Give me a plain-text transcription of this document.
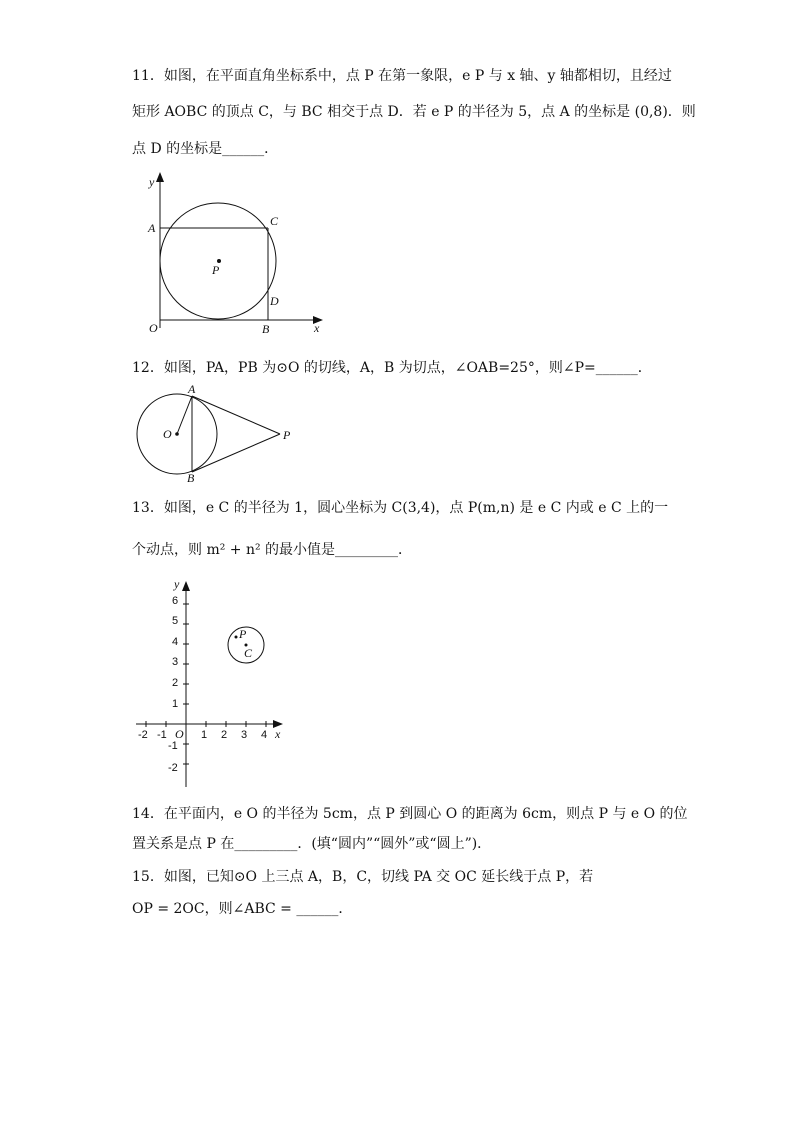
11．如图，在平面直角坐标系中，点 P 在第一象限，e P 与 x 轴、y 轴都相切，且经过
矩形 AOBC 的顶点 C，与 BC 相交于点 D．若 e P 的半径为 5，点 A 的坐标是 (0,8)．则
点 D 的坐标是______．
y
x
A	C
P
D
O	B
12．如图，PA，PB 为⊙O 的切线，A，B 为切点，∠OAB=25°，则∠P=______．
A
O	P
B
13．如图，e C 的半径为 1，圆心坐标为 C(3,4)，点 P(m,n) 是 e C 内或 e C 上的一
个动点，则 m² + n² 的最小值是_________．
6
5
4
3
2
1
-1
-2
-2 -1	1 2 3 4
y
x
O
P
C
14．在平面内，e O 的半径为 5cm，点 P 到圆心 O 的距离为 6cm，则点 P 与 e O 的位
置关系是点 P 在_________．(填“圆内”“圆外”或“圆上”)．
15．如图，已知⊙O 上三点 A，B，C，切线 PA 交 OC 延长线于点 P，若
OP = 2OC，则∠ABC = ______．
